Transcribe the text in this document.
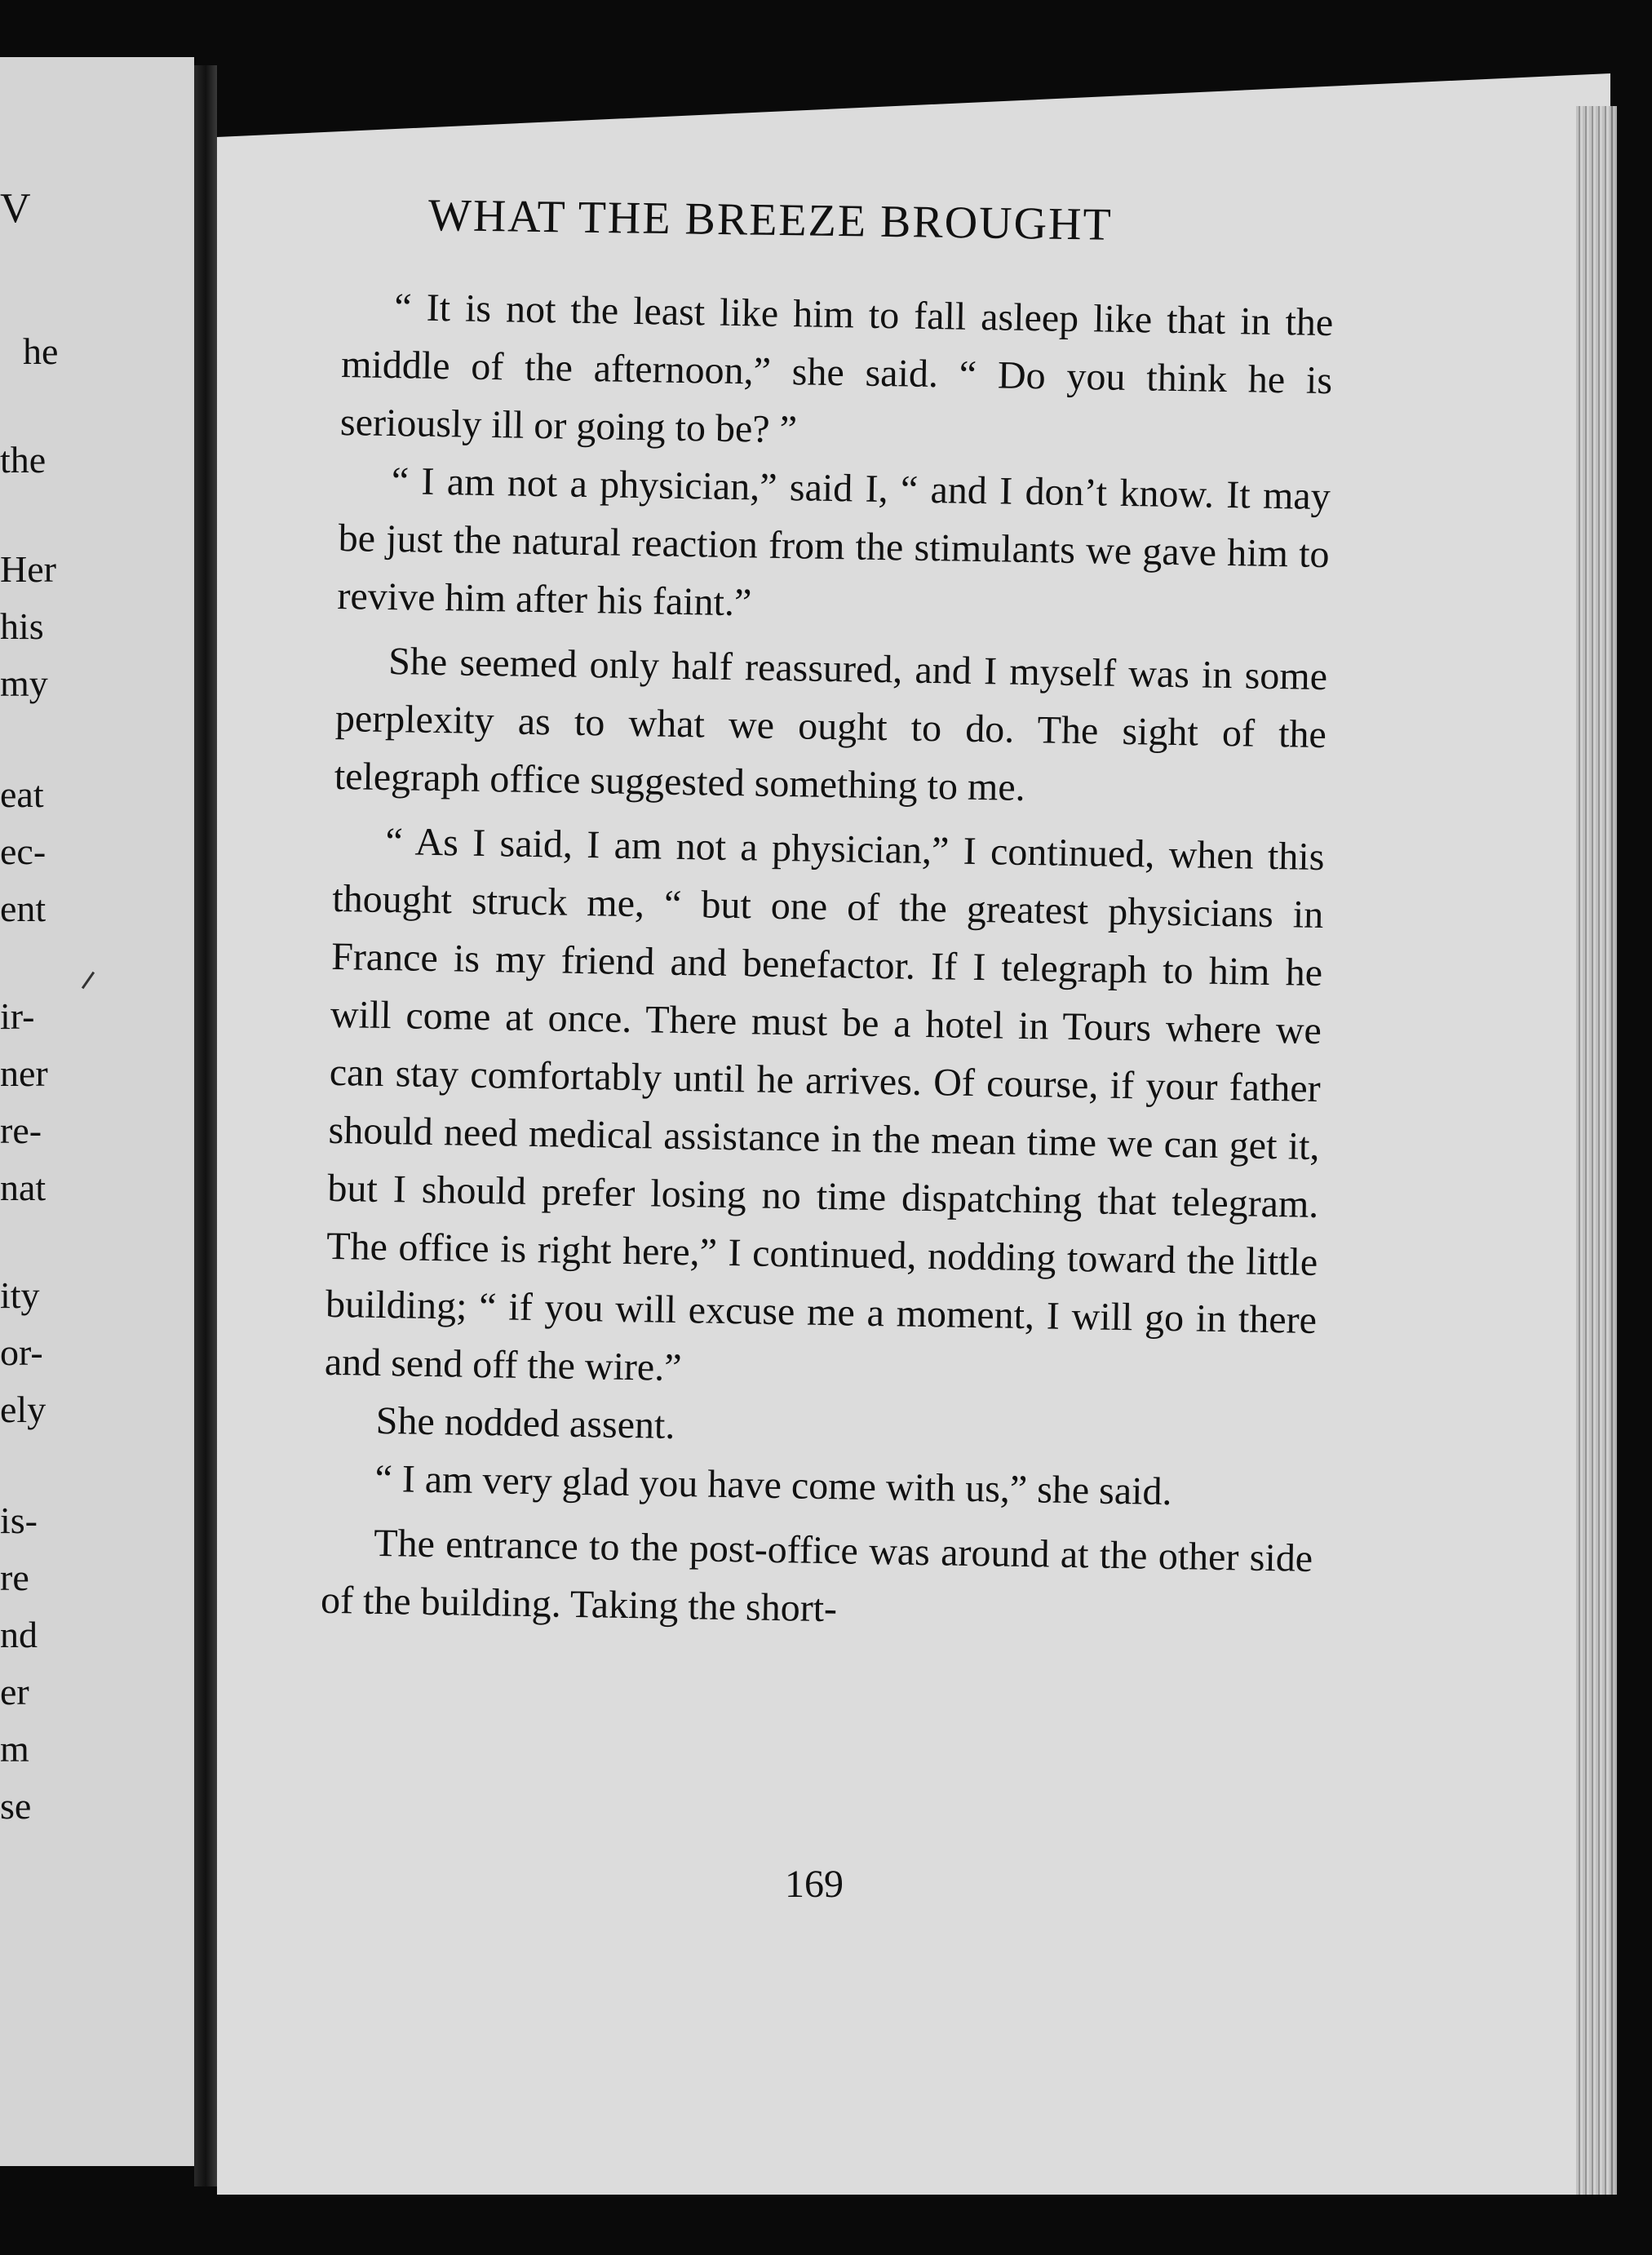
V
he
the
Her
his
my
eat
ec-
ent
ir-
ner
re-
nat
ity
or-
ely
is-
re
nd
er
m
se
WHAT THE BREEZE BROUGHT

“ It is not the least like him to fall asleep like that in the middle of the afternoon,” she said. “ Do you think he is seriously ill or going to be? ”

“ I am not a physician,” said I, “ and I don’t know. It may be just the natural reaction from the stimulants we gave him to revive him after his faint.”

She seemed only half reassured, and I myself was in some perplexity as to what we ought to do. The sight of the telegraph office suggested something to me.

“ As I said, I am not a physician,” I continued, when this thought struck me, “ but one of the greatest physicians in France is my friend and benefactor. If I telegraph to him he will come at once. There must be a hotel in Tours where we can stay comfortably until he arrives. Of course, if your father should need medical assistance in the mean time we can get it, but I should prefer losing no time dispatching that telegram. The office is right here,” I continued, nodding toward the little building; “ if you will excuse me a moment, I will go in there and send off the wire.”

She nodded assent.

“ I am very glad you have come with us,” she said.

The entrance to the post-office was around at the other side of the building. Taking the short-

169
